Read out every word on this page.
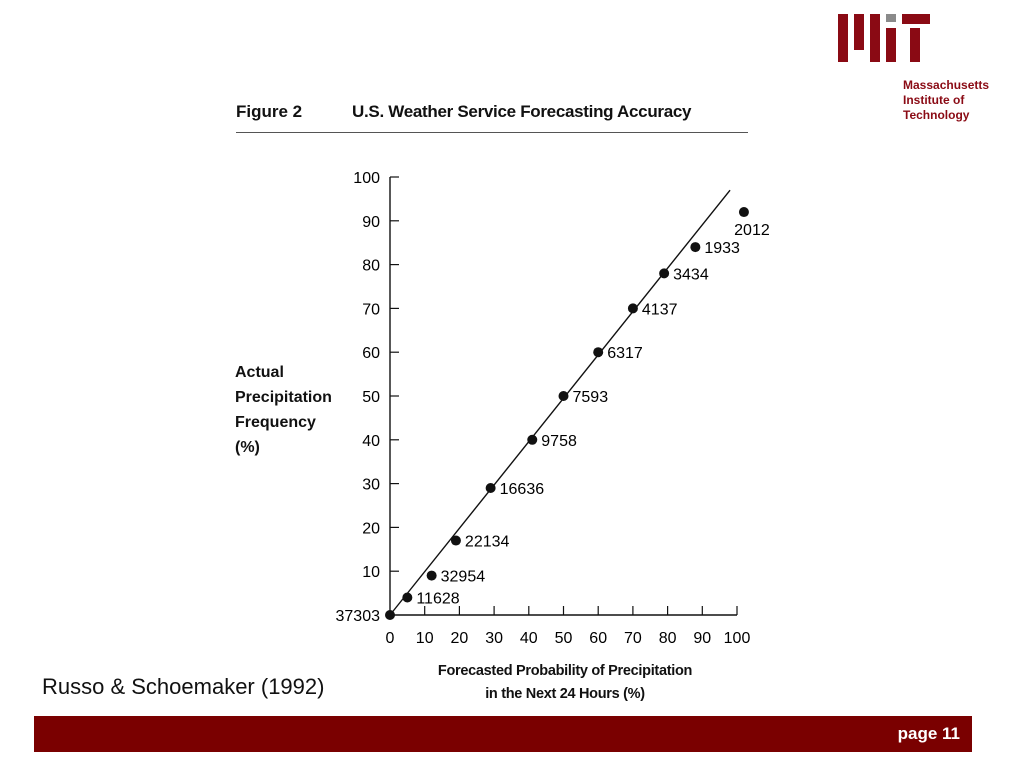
Massachusetts
Institute of
Technology
Figure 2	U.S. Weather Service Forecasting Accuracy
Actual
Precipitation
Frequency
(%)
10
20
30
40
50
60
70
80
90
100
0 10 20 30 40 50 60 70 80 90 100
37303
11628
32954
22134
16636
9758
7593
6317
4137
3434
1933
2012
Forecasted Probability of Precipitation
in the Next 24 Hours (%)
Russo & Schoemaker (1992)
page 11
